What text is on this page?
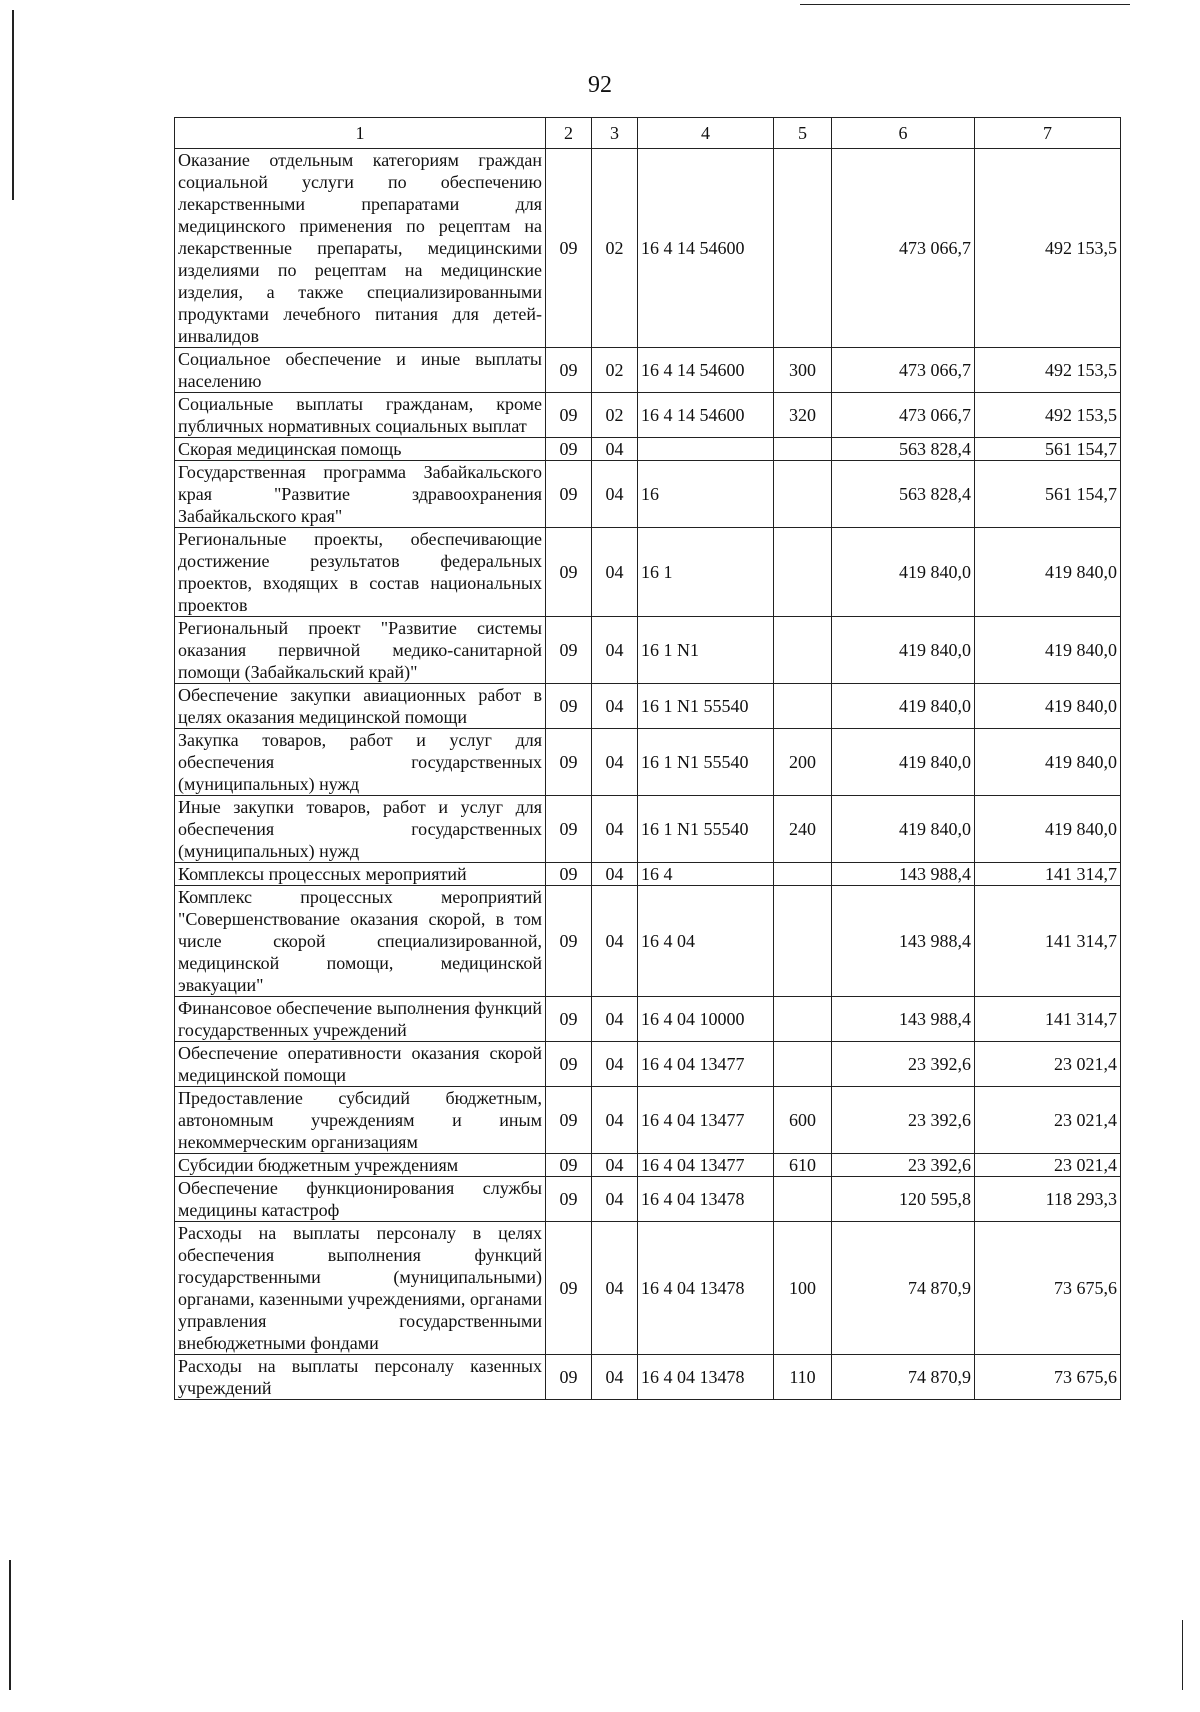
92
1	2	3	4	5	6	7
Оказание отдельным категориям граждан социальной услуги по обеспечению лекарственными препаратами для медицинского применения по рецептам на лекарственные препараты, медицинскими изделиями по рецептам на медицинские изделия, а также специализированными продуктами лечебного питания для детей-инвалидов	09	02	16 4 14 54600		473 066,7	492 153,5
Социальное обеспечение и иные выплаты населению	09	02	16 4 14 54600	300	473 066,7	492 153,5
Социальные выплаты гражданам, кроме публичных нормативных социальных выплат	09	02	16 4 14 54600	320	473 066,7	492 153,5
Скорая медицинская помощь	09	04			563 828,4	561 154,7
Государственная программа Забайкальского края "Развитие здравоохранения Забайкальского края"	09	04	16		563 828,4	561 154,7
Региональные проекты, обеспечивающие достижение результатов федеральных проектов, входящих в состав национальных проектов	09	04	16 1		419 840,0	419 840,0
Региональный проект "Развитие системы оказания первичной медико-санитарной помощи (Забайкальский край)"	09	04	16 1 N1		419 840,0	419 840,0
Обеспечение закупки авиационных работ в целях оказания медицинской помощи	09	04	16 1 N1 55540		419 840,0	419 840,0
Закупка товаров, работ и услуг для обеспечения государственных (муниципальных) нужд	09	04	16 1 N1 55540	200	419 840,0	419 840,0
Иные закупки товаров, работ и услуг для обеспечения государственных (муниципальных) нужд	09	04	16 1 N1 55540	240	419 840,0	419 840,0
Комплексы процессных мероприятий	09	04	16 4		143 988,4	141 314,7
Комплекс процессных мероприятий "Совершенствование оказания скорой, в том числе скорой специализированной, медицинской помощи, медицинской эвакуации"	09	04	16 4 04		143 988,4	141 314,7
Финансовое обеспечение выполнения функций государственных учреждений	09	04	16 4 04 10000		143 988,4	141 314,7
Обеспечение оперативности оказания скорой медицинской помощи	09	04	16 4 04 13477		23 392,6	23 021,4
Предоставление субсидий бюджетным, автономным учреждениям и иным некоммерческим организациям	09	04	16 4 04 13477	600	23 392,6	23 021,4
Субсидии бюджетным учреждениям	09	04	16 4 04 13477	610	23 392,6	23 021,4
Обеспечение функционирования службы медицины катастроф	09	04	16 4 04 13478		120 595,8	118 293,3
Расходы на выплаты персоналу в целях обеспечения выполнения функций государственными (муниципальными) органами, казенными учреждениями, органами управления государственными внебюджетными фондами	09	04	16 4 04 13478	100	74 870,9	73 675,6
Расходы на выплаты персоналу казенных учреждений	09	04	16 4 04 13478	110	74 870,9	73 675,6
